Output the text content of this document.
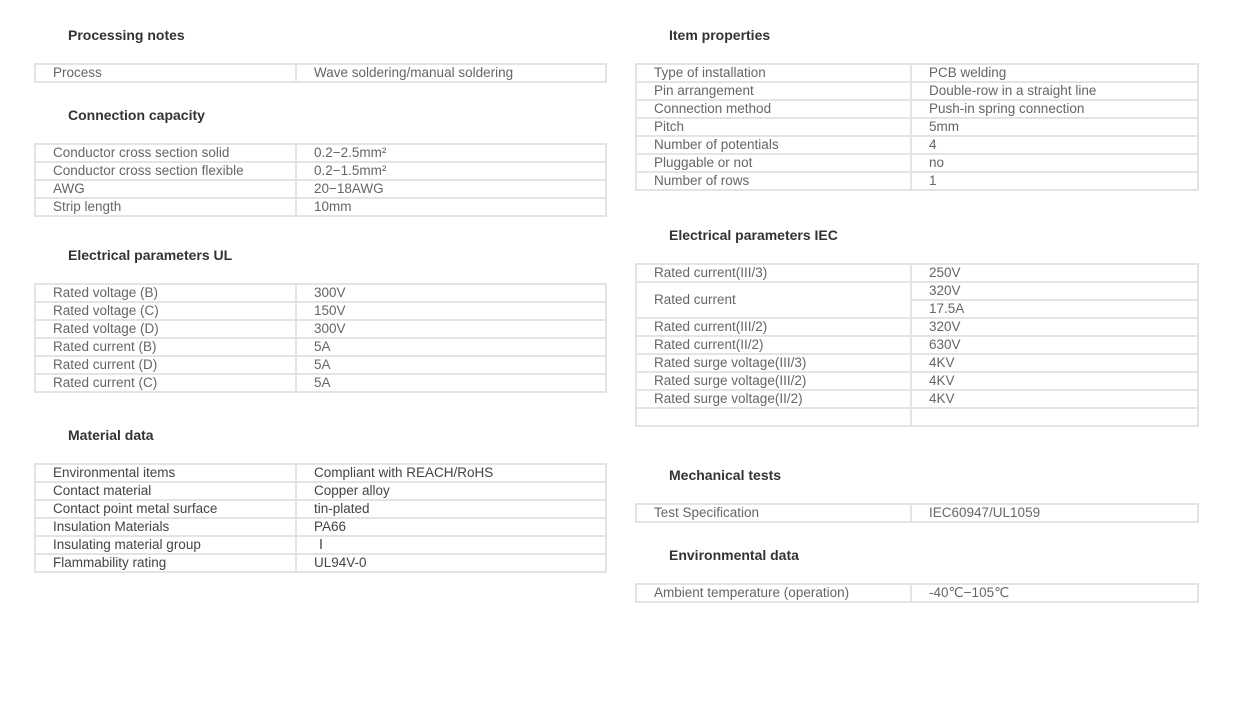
Processing notes
Process	Wave soldering/manual soldering
Connection capacity
Conductor cross section solid	0.2−2.5mm²
Conductor cross section flexible	0.2−1.5mm²
AWG	20−18AWG
Strip length	10mm
Electrical parameters UL
Rated voltage (B)	300V
Rated voltage (C)	150V
Rated voltage (D)	300V
Rated current (B)	5A
Rated current (D)	5A
Rated current (C)	5A
Material data
Environmental items	Compliant with REACH/RoHS
Contact material	Copper alloy
Contact point metal surface	tin-plated
Insulation Materials	PA66
Insulating material group	Ⅰ
Flammability rating	UL94V-0
Item properties
Type of installation	PCB welding
Pin arrangement	Double-row in a straight line
Connection method	Push-in spring connection
Pitch	5mm
Number of potentials	4
Pluggable or not	no
Number of rows	1
Electrical parameters IEC
Rated current(III/3)	250V
Rated current	320V
	17.5A
Rated current(III/2)	320V
Rated current(II/2)	630V
Rated surge voltage(III/3)	4KV
Rated surge voltage(III/2)	4KV
Rated surge voltage(II/2)	4KV

Mechanical tests
Test Specification	IEC60947/UL1059
Environmental data
Ambient temperature (operation)	-40℃−105℃
